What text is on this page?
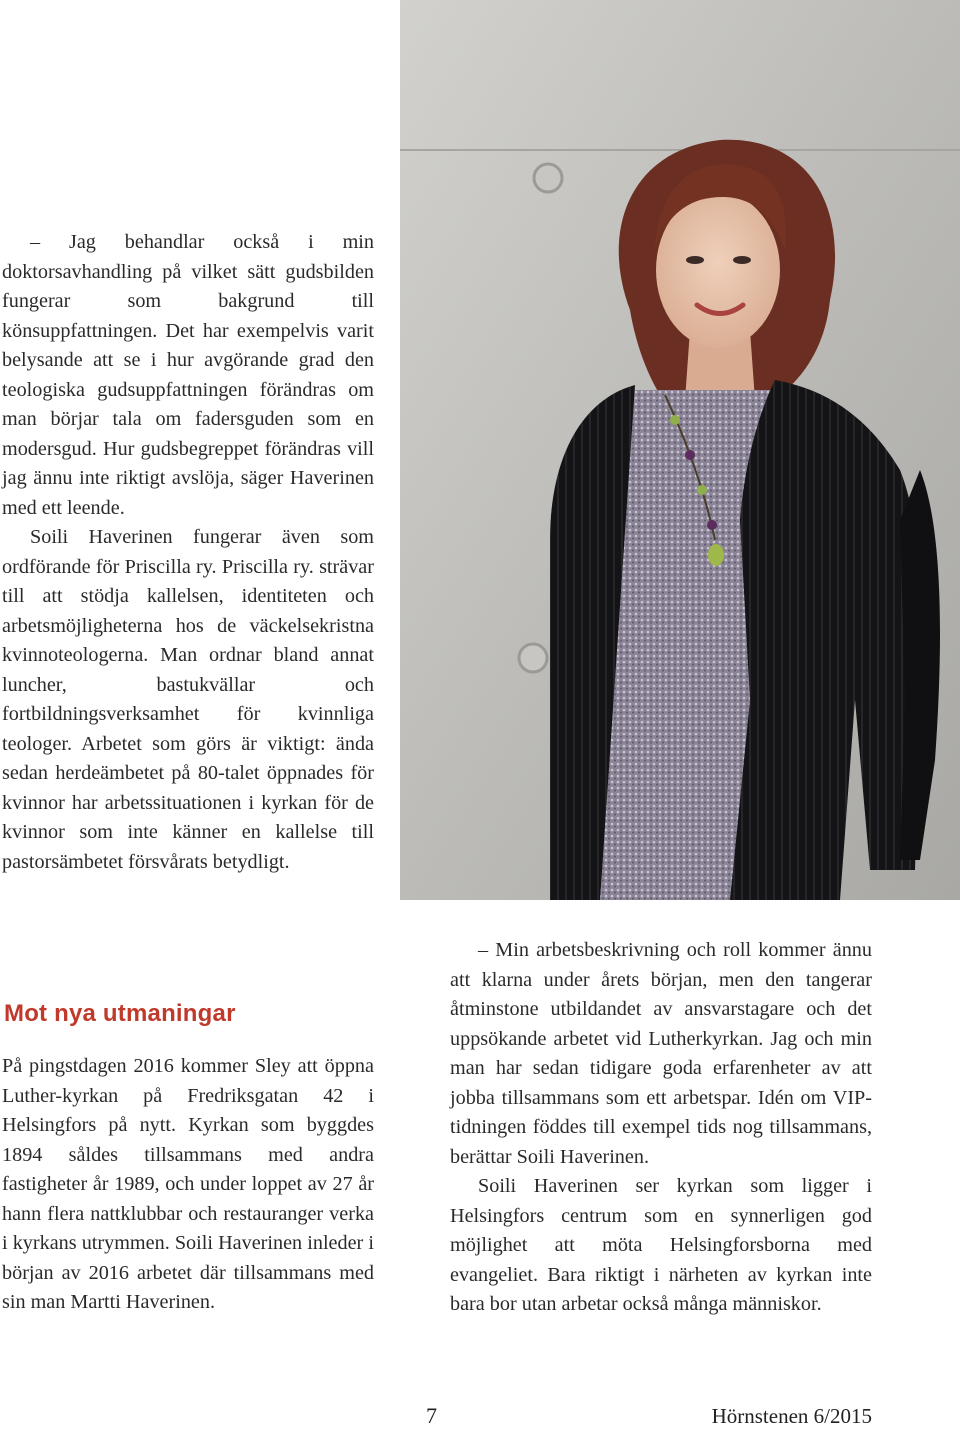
– Jag behandlar också i min doktorsavhandling på vilket sätt gudsbilden fungerar som bakgrund till könsuppfattningen. Det har exempelvis varit belysande att se i hur avgörande grad den teologiska gudsuppfattningen förändras om man börjar tala om fadersguden som en modersgud. Hur gudsbegreppet förändras vill jag ännu inte riktigt avslöja, säger Haverinen med ett leende.

Soili Haverinen fungerar även som ordförande för Priscilla ry. Priscilla ry. strävar till att stödja kallelsen, identiteten och arbetsmöjligheterna hos de väckelsekristna kvinnoteologerna. Man ordnar bland annat luncher, bastukvällar och fortbildningsverksamhet för kvinnliga teologer. Arbetet som görs är viktigt: ända sedan herdeämbetet på 80-talet öppnades för kvinnor har arbetssituationen i kyrkan för de kvinnor som inte känner en kallelse till pastorsämbetet försvårats betydligt.

Mot nya utmaningar

På pingstdagen 2016 kommer Sley att öppna Luther-kyrkan på Fredriksgatan 42 i Helsingfors på nytt. Kyrkan som byggdes 1894 såldes tillsammans med andra fastigheter år 1989, och under loppet av 27 år hann flera nattklubbar och restauranger verka i kyrkans utrymmen. Soili Haverinen inleder i början av 2016 arbetet där tillsammans med sin man Martti Haverinen.

– Min arbetsbeskrivning och roll kommer ännu att klarna under årets början, men den tangerar åtminstone utbildandet av ansvarstagare och det uppsökande arbetet vid Lutherkyrkan. Jag och min man har sedan tidigare goda erfarenheter av att jobba tillsammans som ett arbetspar. Idén om VIP-tidningen föddes till exempel tids nog tillsammans, berättar Soili Haverinen.

Soili Haverinen ser kyrkan som ligger i Helsingfors centrum som en synnerligen god möjlighet att möta Helsingforsborna med evangeliet. Bara riktigt i närheten av kyrkan inte bara bor utan arbetar också många människor.

7	Hörnstenen 6/2015
